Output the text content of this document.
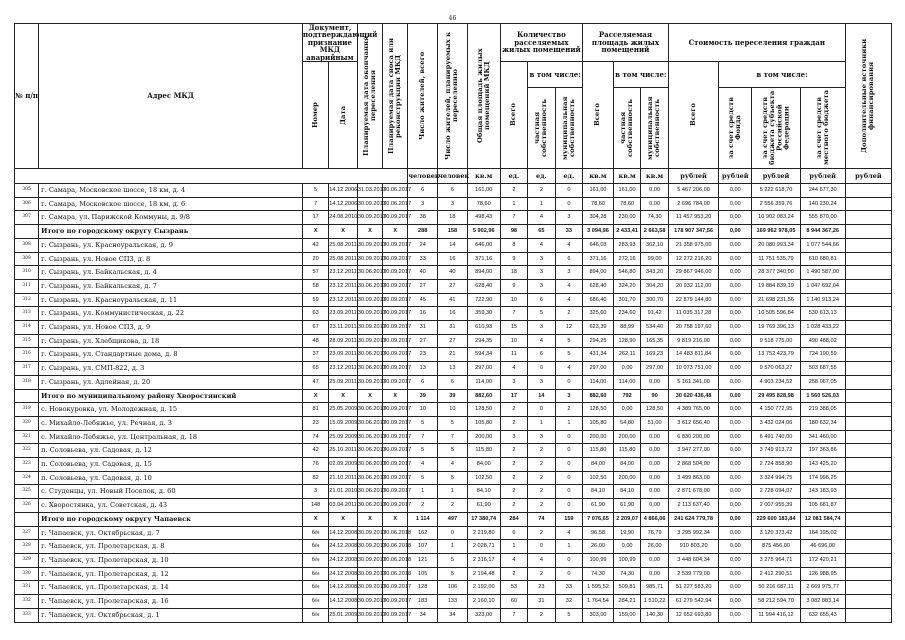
46
№ п/п	Адрес МКД	Документ, подтверждающий признание МКД аварийным		Планируемая дата окончания переселения	Планируемая дата сноса или реконструкции МКД	Число жителей, всего	Число жителей, планируемых к переселению	Общая площадь жилых помещений МКД	Количество расселяемых жилых помещений			Расселяемая площадь жилых помещений			Стоимость переселения граждан				Дополнительные источники финансирования

		Номер	Дата						Всего	в том числе:		Всего	в том числе:		Всего	в том числе:			

										частная собственность	муниципальная собственность		частная собственность	муниципальная собственность		за счет средств Фонда	за счет средств бюджета субъекта Российской Федерации	за счет средств местного бюджета	

						человек	человек	кв.м	ед.	ед.	ед.	кв.м	кв.м	кв.м	рублей	рублей	рублей	рублей	рублей
305	г. Самара, Московское шоссе, 18 км, д. 4	5	14.12.2006	31.03.2017	30.06.2017	6	6	161,00	2	2	0	161,00	161,00	0,00	5 467 206,00	0,00	5 222 618,70	244 677,30	
306	г. Самара, Московское шоссе, 18 км, д. 6	7	14.12.2006	30.09.2017	30.06.2017	3	3	78,60	1	1	0	78,60	78,60	0,00	2 696 784,00	0,00	2 556 359,76	140 230,24	
307	г. Самара, ул. Парижской Коммуны, д. 9/8	17	24.08.2010	30.09.2017	30.09.2017	38	18	498,43	7	4	3	304,28	230,00	74,30	11 457 953,20	0,00	10 902 083,24	555 870,00	
	Итого по городскому округу Сызрань	X	X	X	X	288	158	5 902,96	98	65	33	3 094,96	2 433,41	2 663,58	178 907 347,56	0,00	169 962 978,05	8 944 367,26	
308	г. Сызрань, ул. Красноуральская, д. 9	42	25.08.2011	30.09.2017	30.09.2017	24	14	646,00	8	4	4	646,03	283,93	362,10	21 358 975,00	0,00	20 080 993,34	1 077 544,66	
309	г. Сызрань, ул. Новое СПЗ, д. 8	20	25.08.2011	30.09.2017	30.09.2017	33	16	371,16	9	3	6	371,16	272,16	99,00	12 272 216,20	0,00	11 751 535,79	610 680,81	
310	г. Сызрань, ул. Байкальская, д. 4	57	23.12.2011	30.06.2017	30.09.2017	40	40	894,00	18	3	3	894,00	546,80	343,20	29 867 946,00	0,00	28 377 340,00	1 490 587,00	
311	г. Сызрань, ул. Байкальская, д. 7	58	23.12.2011	30.06.2017	30.09.2017	27	27	628,40	9	3	4	628,40	324,20	304,20	20 932 112,00	0,00	19 884 839,19	1 047 692,04	
312	г. Сызрань, ул. Красноуральская, д. 11	59	23.12.2011	30.09.2017	30.09.2017	45	41	722,90	10	6	4	686,40	301,70	300,70	22 879 144,80	0,00	21 698 231,56	1 140 913,24	
313	г. Сызрань, ул. Коммунистическая, д. 22	63	23.09.2011	30.09.2017	30.09.2017	16	16	359,30	7	5	2	325,60	234,60	91,42	11 035 317,28	0,00	10 505 596,84	530 613,13	
314	г. Сызрань, ул. Новое СПЗ, д. 9	67	23.11.2011	30.09.2017	30.09.2017	31	31	610,93	15	3	12	623,39	88,99	534,40	20 758 197,60	0,00	19 769 396,13	1 028 433,22	
315	г. Сызрань, ул. Хлебщикова, д. 18	48	28.09.2011	30.09.2017	30.09.2017	27	27	294,35	10	4	5	294,25	128,90	165,35	9 819 216,00	0,00	9 518 775,00	490 488,02	
316	г. Сызрань, ул. Стандартные дома, д. 8	37	23.09.2011	30.06.2017	30.09.2017	23	21	594,34	11	6	5	431,34	262,11	169,23	14 483 811,84	0,00	13 752 423,79	724 190,59	
317	г. Сызрань, ул. СМП-822, д. 3	65	23.12.2011	30.06.2017	30.09.2017	13	13	297,00	4	0	4	297,00	0,00	297,00	10 073 751,00	0,00	9 570 063,27	503 687,55	
318	г. Сызрань, ул. Адлейная, д. 20	47	25.09.2011	30.09.2017	30.09.2017	6	6	114,00	3	3	0	114,00	114,00	0,00	5 161 341,00	0,00	4 903 234,52	258 067,05	
	Итого по муниципальному району Хворостянский	X	X	X	X	39	39	882,60	17	14	3	882,60	792	90	30 620 436,48	0,00	29 495 828,98	1 560 526,03	
319	с. Новокуровка, ул. Молодежная, д. 15	81	25.05.2009	30.06.2017	30.09.2017	10	10	128,50	2	0	2	128,50	0,00	128,50	4 389 765,00	0,00	4 150 772,95	219 388,05	
320	с. Михайло-Лебяжье, ул. Речная, д. 3	23	15.09.2009	30.06.2017	30.09.2017	5	5	105,80	2	1	1	105,80	54,80	51,00	3 612 656,40	0,00	3 432 024,06	180 632,34	
321	с. Михайло-Лебяжье, ул. Центральная, д. 18	74	25.09.2009	30.06.2017	30.09.2017	7	7	200,00	3	3	0	200,00	200,00	0,00	6 830 200,00	0,00	6 491 740,00	341 460,00	
322	п. Соловьева, ул. Садовая, д. 12	42	25.10.2011	30.06.2017	30.09.2017	5	5	115,80	2	2	0	115,80	115,80	0,00	3 947 277,00	0,00	3 749 913,72	197 363,86	
323	п. Соловьева, ул. Садовая, д. 15	76	02.09.2009	30.06.2017	30.09.2017	4	4	84,00	2	2	0	84,00	84,00	0,00	2 868 504,00	0,00	2 724 858,90	143 425,20	
324	п. Соловьева, ул. Садовая, д. 10	82	21.10.2011	30.06.2017	30.09.2017	5	5	102,50	2	2	0	102,50	200,00	0,00	3 499 863,00	0,00	3 324 994,75	174 996,25	
325	с. Студенцы, ул. Новый Поселок, д. 60	3	21.01.2010	30.06.2017	30.09.2017	1	1	84,10	2	2	0	84,10	84,10	0,00	2 871 678,00	0,00	2 728 094,07	143 183,93	
326	с. Хворостянка, ул. Советская, д. 43	148	03.04.2011	30.06.2017	30.09.2017	2	2	61,90	2	2	0	61,90	61,90	0,00	2 113 637,40	0,00	2 007 955,39	105 681,87	
	Итого по городскому округу Чапаевск	X	X	X	X	1 114	497	17 380,74	284	74	159	7 076,65	2 209,07	4 866,06	241 624 779,78	0,00	229 600 183,84	12 081 584,74	
327	г. Чапаевск, ул. Октябрьская, д. 7	б/н	14.12.2008	30.09.2017	30.06.2018	162	0	2 219,80	6	2	4	96,58	19,90	76,79	3 295 992,34	0,00	3 120 373,42	164 195,02	
328	г. Чапаевск, ул. Пролетарская, д. 8	б/н	24.12.2008	30.09.2017	30.06.2018	107	1	2 028,71	1	0	1	26,00	0,00	26,00	910 803,20	0,00	875 456,00	46 696,00	
329	г. Чапаевск, ул. Пролетарская, д. 10	б/н	24.12.2008	30.09.2017	30.06.2018	121	5	2 316,17	4	4	0	100,99	100,99	0,00	3 448 604,34	0,00	3 275 964,71	172 420,21	
330	г. Чапаевск, ул. Пролетарская, д. 12	б/н	24.12.2008	30.09.2017	30.06.2018	105	5	2 194,48	2	2	0	74,30	74,30	0,00	2 539 779,00	0,00	2 412 290,51	126 988,95	
331	г. Чапаевск, ул. Пролетарская, д. 14	б/н	14.12.2008	30.09.2017	30.09.2017	128	106	2 192,00	53	23	33	1 595,52	509,81	985,71	51 227 583,20	0,00	50 216 687,11	2 669 975,77	
332	г. Чапаевск, ул. Пролетарская, д. 16	б/н	14.12.2008	30.09.2017	30.09.2017	183	133	2 160,10	60	31	32	1 764,54	284,21	1 510,22	61 279 542,94	0,00	58 212 594,70	3 082 883,14	
333	г. Чапаевск, ул. Октябрьская, д. 1	б/н	25.01.2009	30.09.2017	30.09.2017	34	34	323,00	7	2	5	303,00	159,00	140,30	12 652 693,80	0,00	11 994 416,12	632 655,43	
